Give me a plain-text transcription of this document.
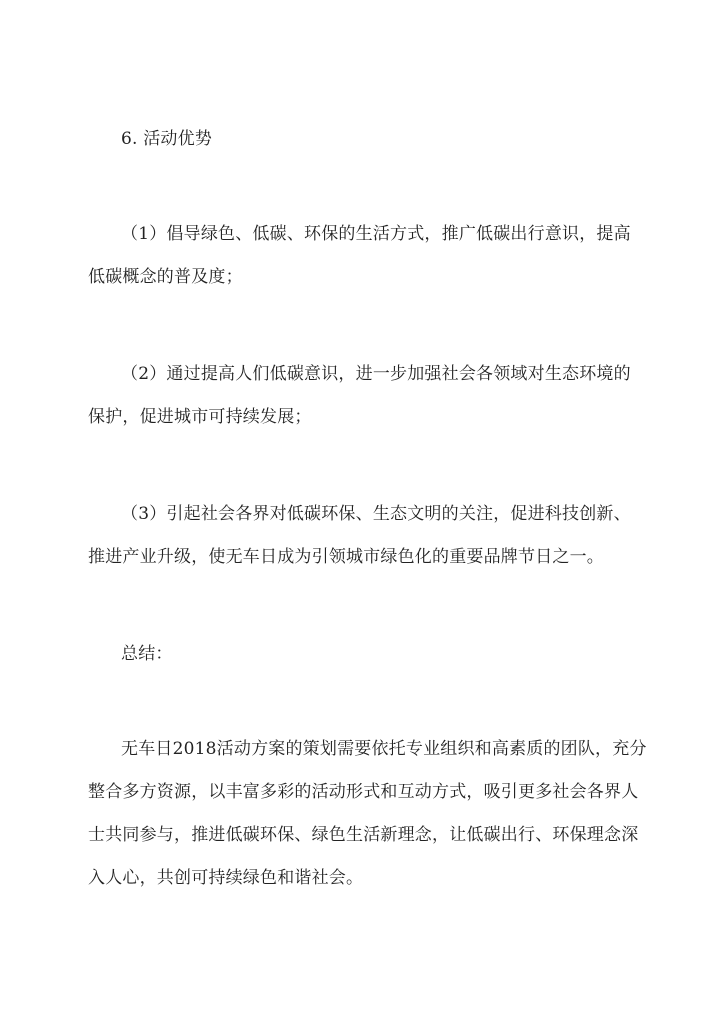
6. 活动优势
（1）倡导绿色、低碳、环保的生活方式，推广低碳出行意识，提高
低碳概念的普及度；
（2）通过提高人们低碳意识，进一步加强社会各领域对生态环境的
保护，促进城市可持续发展；
（3）引起社会各界对低碳环保、生态文明的关注，促进科技创新、
推进产业升级，使无车日成为引领城市绿色化的重要品牌节日之一。
总结：
无车日2018活动方案的策划需要依托专业组织和高素质的团队，充分
整合多方资源，以丰富多彩的活动形式和互动方式，吸引更多社会各界人
士共同参与，推进低碳环保、绿色生活新理念，让低碳出行、环保理念深
入人心，共创可持续绿色和谐社会。
